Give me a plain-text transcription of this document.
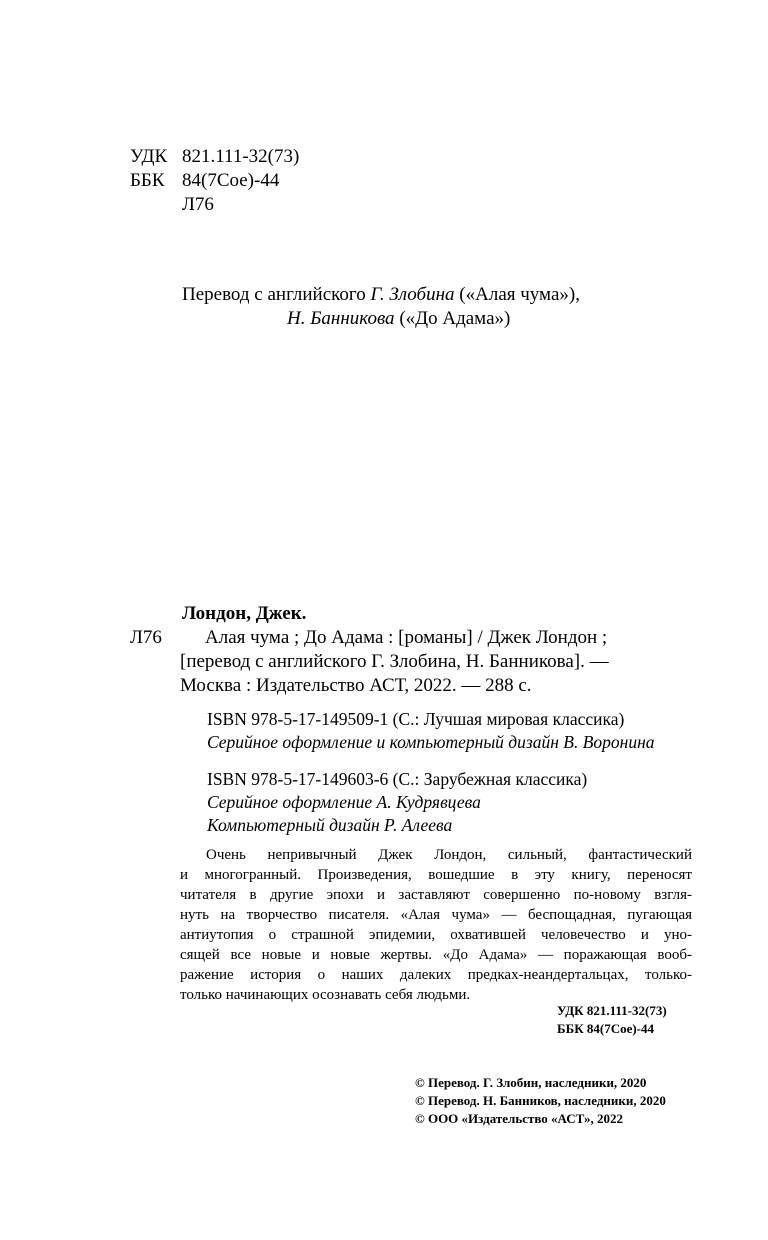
УДК 821.111-32(73)
ББК 84(7Сое)-44
Л76
Перевод с английского Г. Злобина («Алая чума»),
Н. Банникова («До Адама»)
Лондон, Джек.
Л76 Алая чума ; До Адама : [романы] / Джек Лондон ;
[перевод с английского Г. Злобина, Н. Банникова]. —
Москва : Издательство АСТ, 2022. — 288 с.
ISBN 978-5-17-149509-1 (С.: Лучшая мировая классика)
Серийное оформление и компьютерный дизайн В. Воронина
ISBN 978-5-17-149603-6 (С.: Зарубежная классика)
Серийное оформление А. Кудрявцева
Компьютерный дизайн Р. Алеева
Очень непривычный Джек Лондон, сильный, фантастический
и многогранный. Произведения, вошедшие в эту книгу, переносят
читателя в другие эпохи и заставляют совершенно по-новому взгля-
нуть на творчество писателя. «Алая чума» — беспощадная, пугающая
антиутопия о страшной эпидемии, охватившей человечество и уно-
сящей все новые и новые жертвы. «До Адама» — поражающая вооб-
ражение история о наших далеких предках-неандертальцах, только-
только начинающих осознавать себя людьми.
УДК 821.111-32(73)
ББК 84(7Сое)-44
© Перевод. Г. Злобин, наследники, 2020
© Перевод. Н. Банников, наследники, 2020
© ООО «Издательство «АСТ», 2022
